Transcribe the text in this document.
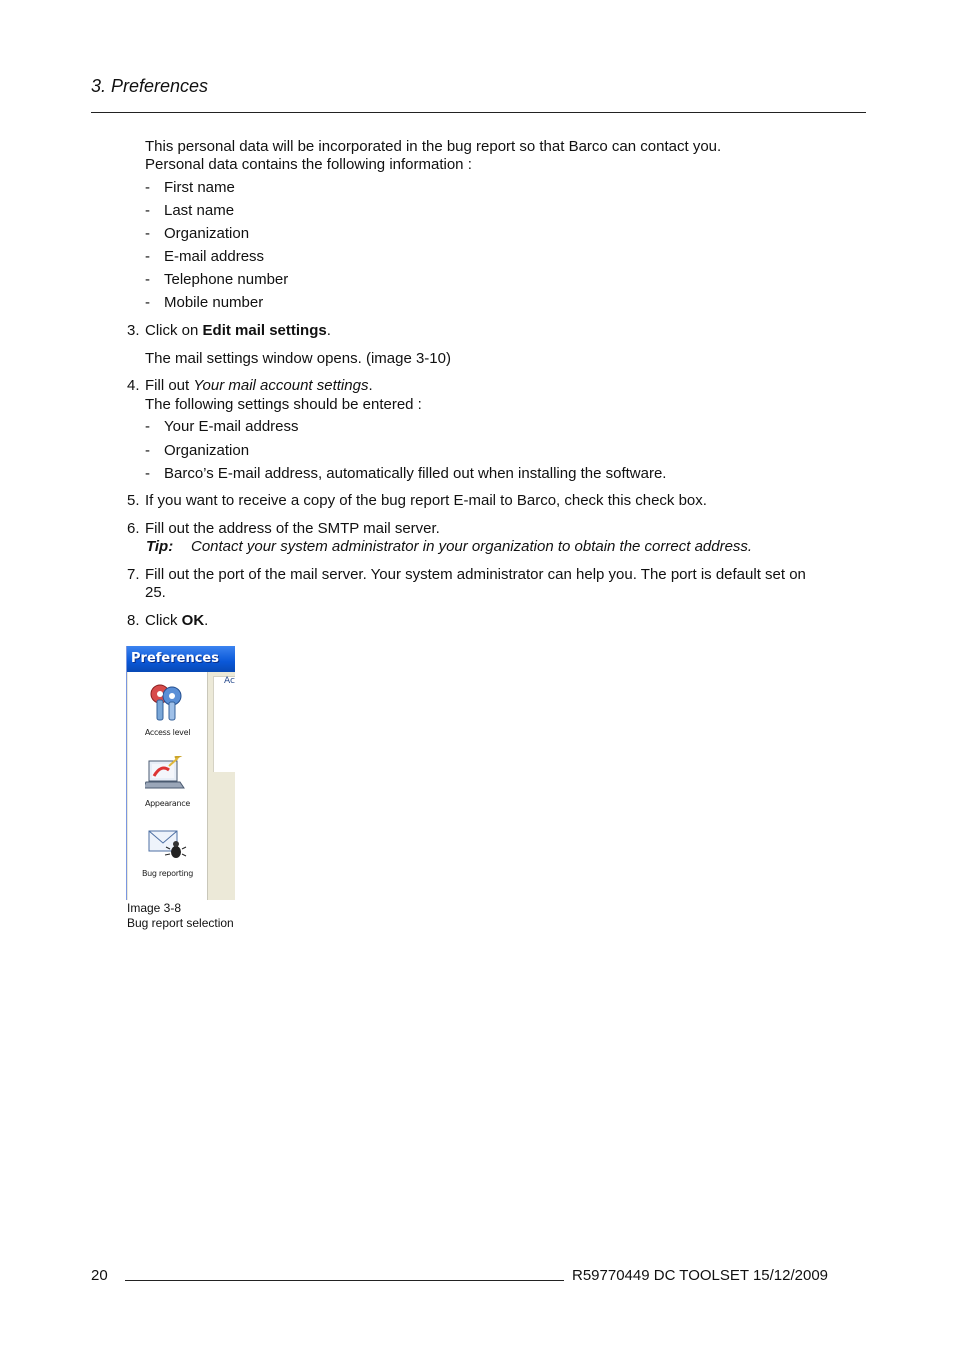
3. Preferences
This personal data will be incorporated in the bug report so that Barco can contact you.
Personal data contains the following information :
- First name
- Last name
- Organization
- E-mail address
- Telephone number
- Mobile number
3. Click on Edit mail settings.
The mail settings window opens. (image 3-10)
4. Fill out Your mail account settings.
The following settings should be entered :
- Your E-mail address
- Organization
- Barco’s E-mail address, automatically filled out when installing the software.
5. If you want to receive a copy of the bug report E-mail to Barco, check this check box.
6. Fill out the address of the SMTP mail server.
Tip: Contact your system administrator in your organization to obtain the correct address.
7. Fill out the port of the mail server. Your system administrator can help you. The port is default set on
25.
8. Click OK.
Preferences
Access level
Appearance
Bug reporting
Ac
Image 3-8
Bug report selection
20	R59770449 DC TOOLSET 15/12/2009
